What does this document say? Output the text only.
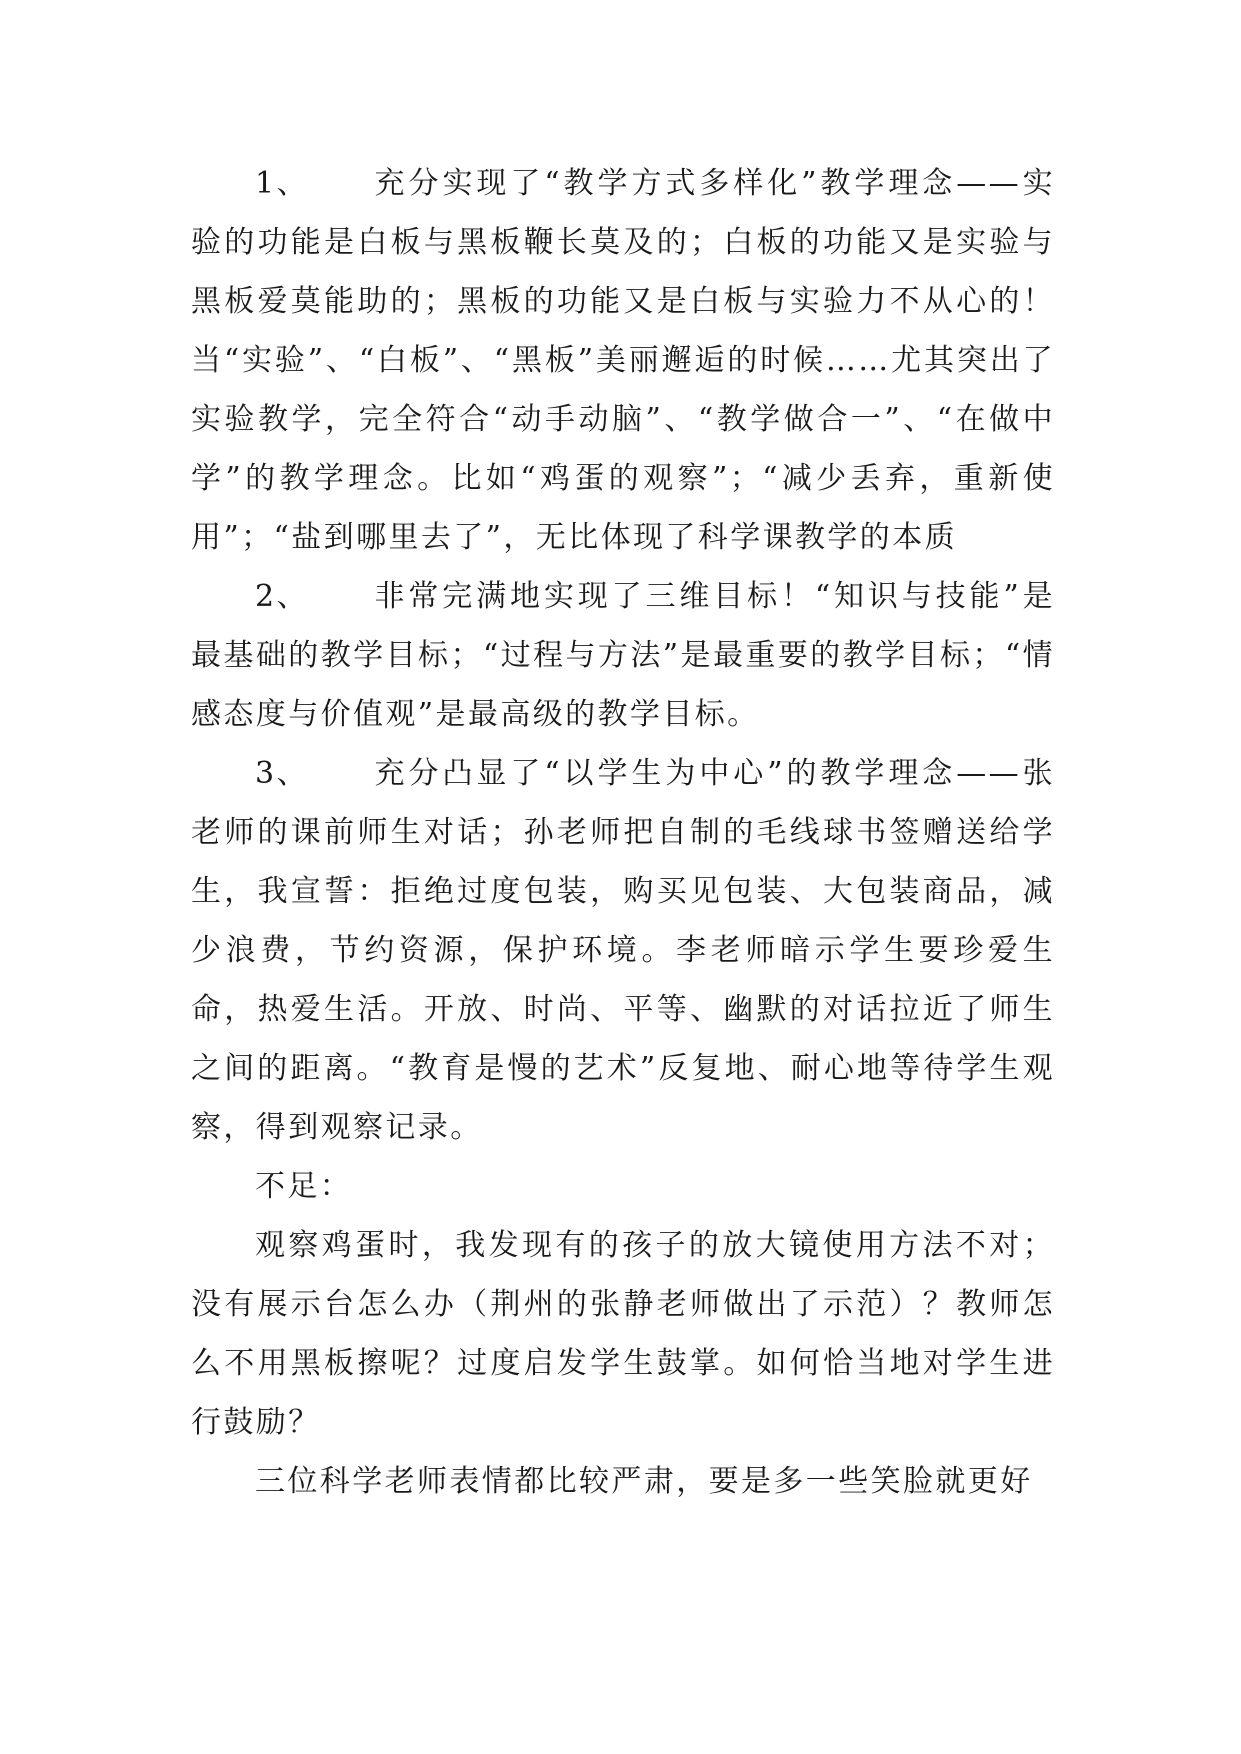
1、 充分实现了“教学方式多样化”教学理念——实验的功能是白板与黑板鞭长莫及的；白板的功能又是实验与黑板爱莫能助的；黑板的功能又是白板与实验力不从心的！当“实验”、“白板”、“黑板”美丽邂逅的时候……尤其突出了实验教学，完全符合“动手动脑”、“教学做合一”、“在做中学”的教学理念。比如“鸡蛋的观察”；“减少丢弃，重新使用”；“盐到哪里去了”，无比体现了科学课教学的本质

2、 非常完满地实现了三维目标！“知识与技能”是最基础的教学目标；“过程与方法”是最重要的教学目标；“情感态度与价值观”是最高级的教学目标。

3、 充分凸显了“以学生为中心”的教学理念——张老师的课前师生对话；孙老师把自制的毛线球书签赠送给学生，我宣誓：拒绝过度包装，购买见包装、大包装商品，减少浪费，节约资源，保护环境。李老师暗示学生要珍爱生命，热爱生活。开放、时尚、平等、幽默的对话拉近了师生之间的距离。“教育是慢的艺术”反复地、耐心地等待学生观察，得到观察记录。

不足：

观察鸡蛋时，我发现有的孩子的放大镜使用方法不对；没有展示台怎么办（荆州的张静老师做出了示范）？教师怎么不用黑板擦呢？过度启发学生鼓掌。如何恰当地对学生进行鼓励？

三位科学老师表情都比较严肃，要是多一些笑脸就更好
